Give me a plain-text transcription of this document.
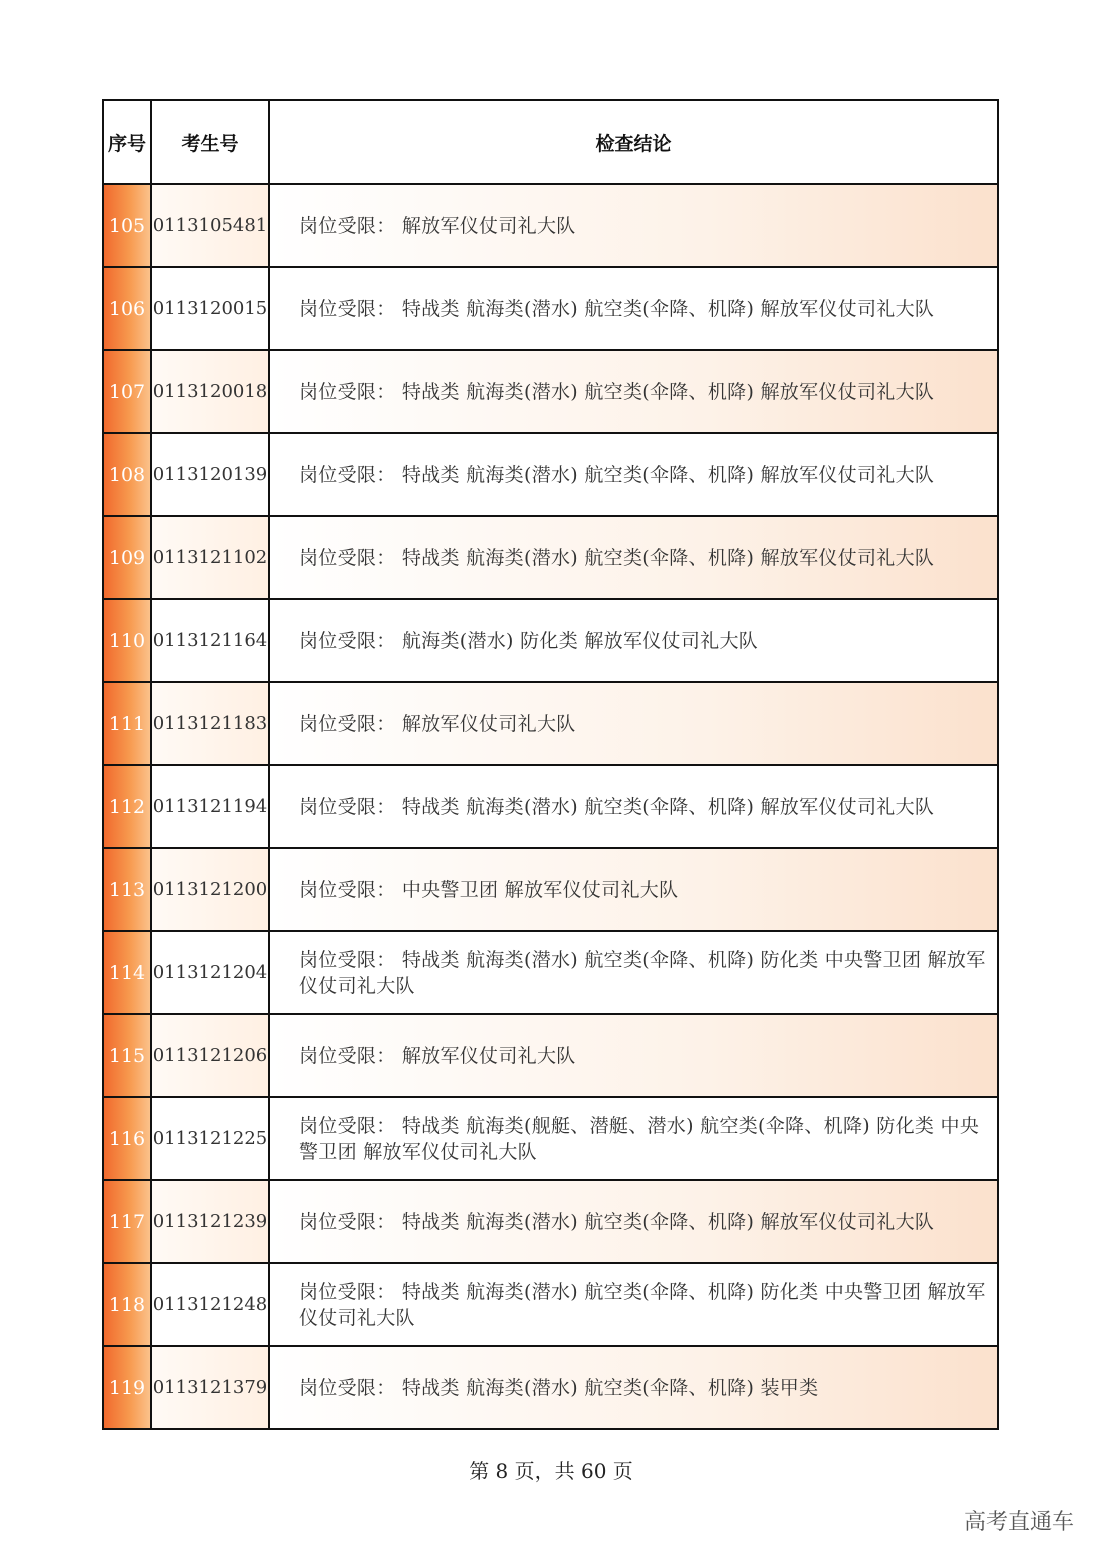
序号	考生号	检查结论
105	0113105481	岗位受限： 解放军仪仗司礼大队
106	0113120015	岗位受限： 特战类 航海类(潜水) 航空类(伞降、机降) 解放军仪仗司礼大队
107	0113120018	岗位受限： 特战类 航海类(潜水) 航空类(伞降、机降) 解放军仪仗司礼大队
108	0113120139	岗位受限： 特战类 航海类(潜水) 航空类(伞降、机降) 解放军仪仗司礼大队
109	0113121102	岗位受限： 特战类 航海类(潜水) 航空类(伞降、机降) 解放军仪仗司礼大队
110	0113121164	岗位受限： 航海类(潜水) 防化类 解放军仪仗司礼大队
111	0113121183	岗位受限： 解放军仪仗司礼大队
112	0113121194	岗位受限： 特战类 航海类(潜水) 航空类(伞降、机降) 解放军仪仗司礼大队
113	0113121200	岗位受限： 中央警卫团 解放军仪仗司礼大队
114	0113121204	岗位受限： 特战类 航海类(潜水) 航空类(伞降、机降) 防化类 中央警卫团 解放军仪仗司礼大队
115	0113121206	岗位受限： 解放军仪仗司礼大队
116	0113121225	岗位受限： 特战类 航海类(舰艇、潜艇、潜水) 航空类(伞降、机降) 防化类 中央警卫团 解放军仪仗司礼大队
117	0113121239	岗位受限： 特战类 航海类(潜水) 航空类(伞降、机降) 解放军仪仗司礼大队
118	0113121248	岗位受限： 特战类 航海类(潜水) 航空类(伞降、机降) 防化类 中央警卫团 解放军仪仗司礼大队
119	0113121379	岗位受限： 特战类 航海类(潜水) 航空类(伞降、机降) 装甲类
第 8 页，共 60 页
高考直通车
